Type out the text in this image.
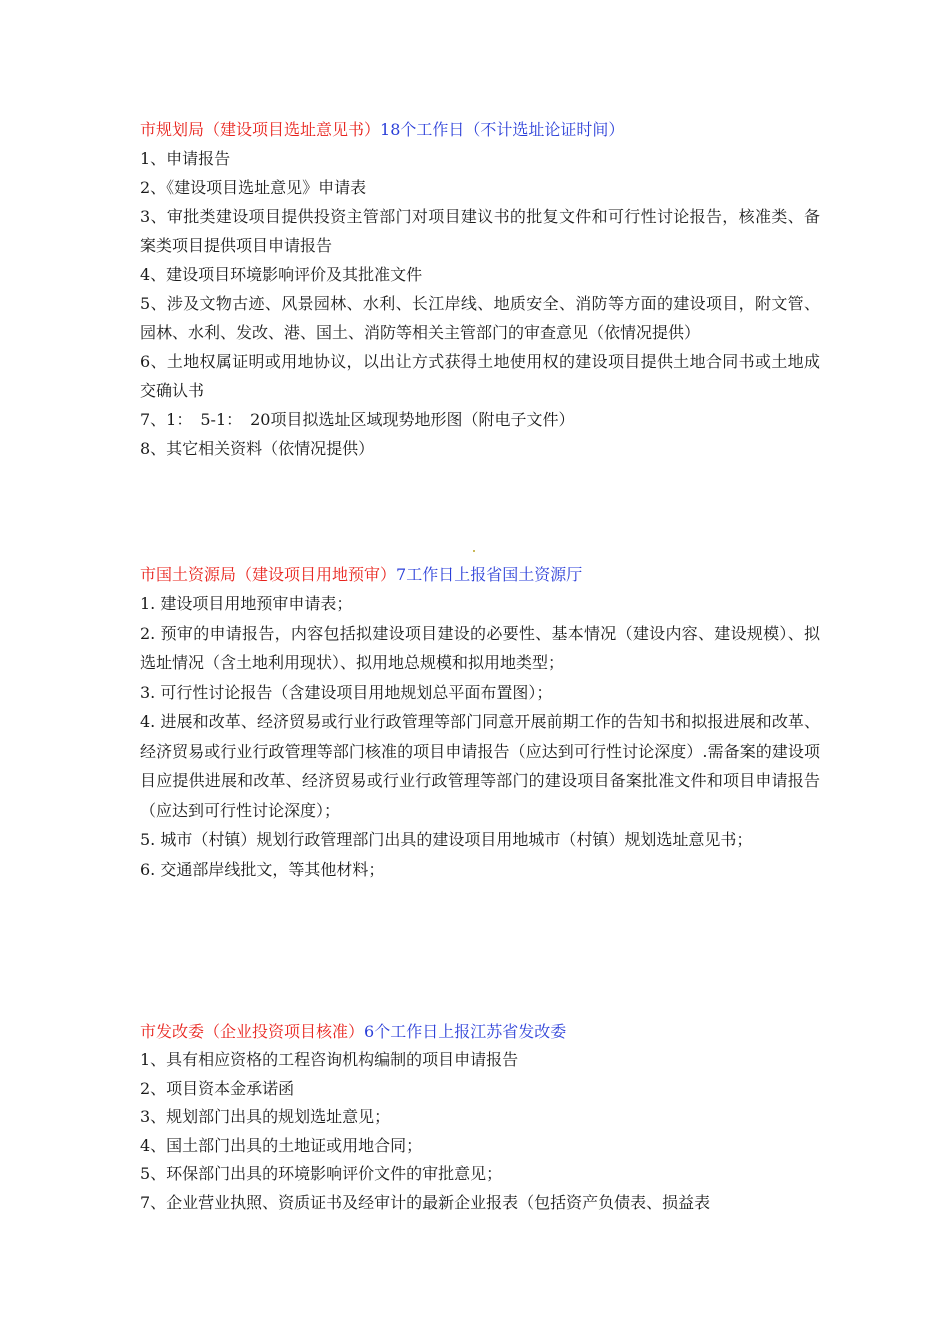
市规划局（建设项目选址意见书）18个工作日（不计选址论证时间）

1、申请报告

2、《建设项目选址意见》申请表

3、审批类建设项目提供投资主管部门对项目建议书的批复文件和可行性讨论报告，核准类、备案类项目提供项目申请报告

4、建设项目环境影响评价及其批准文件

5、涉及文物古迹、风景园林、水利、长江岸线、地质安全、消防等方面的建设项目，附文管、园林、水利、发改、港、国土、消防等相关主管部门的审查意见（依情况提供）

6、土地权属证明或用地协议，以出让方式获得土地使用权的建设项目提供土地合同书或土地成交确认书

7、1：　5-1：　20项目拟选址区域现势地形图（附电子文件）

8、其它相关资料（依情况提供）

市国土资源局（建设项目用地预审）7工作日上报省国土资源厅

1. 建设项目用地预审申请表；

2. 预审的申请报告，内容包括拟建设项目建设的必要性、基本情况（建设内容、建设规模）、拟选址情况（含土地利用现状）、拟用地总规模和拟用地类型；

3. 可行性讨论报告（含建设项目用地规划总平面布置图）；

4. 进展和改革、经济贸易或行业行政管理等部门同意开展前期工作的告知书和拟报进展和改革、经济贸易或行业行政管理等部门核准的项目申请报告（应达到可行性讨论深度）.需备案的建设项目应提供进展和改革、经济贸易或行业行政管理等部门的建设项目备案批准文件和项目申请报告（应达到可行性讨论深度）；

5. 城市（村镇）规划行政管理部门出具的建设项目用地城市（村镇）规划选址意见书；

6. 交通部岸线批文，等其他材料；

市发改委（企业投资项目核准）6个工作日上报江苏省发改委

1、具有相应资格的工程咨询机构编制的项目申请报告

2、项目资本金承诺函

3、规划部门出具的规划选址意见；

4、国土部门出具的土地证或用地合同；

5、环保部门出具的环境影响评价文件的审批意见；

7、企业营业执照、资质证书及经审计的最新企业报表（包括资产负债表、损益表
